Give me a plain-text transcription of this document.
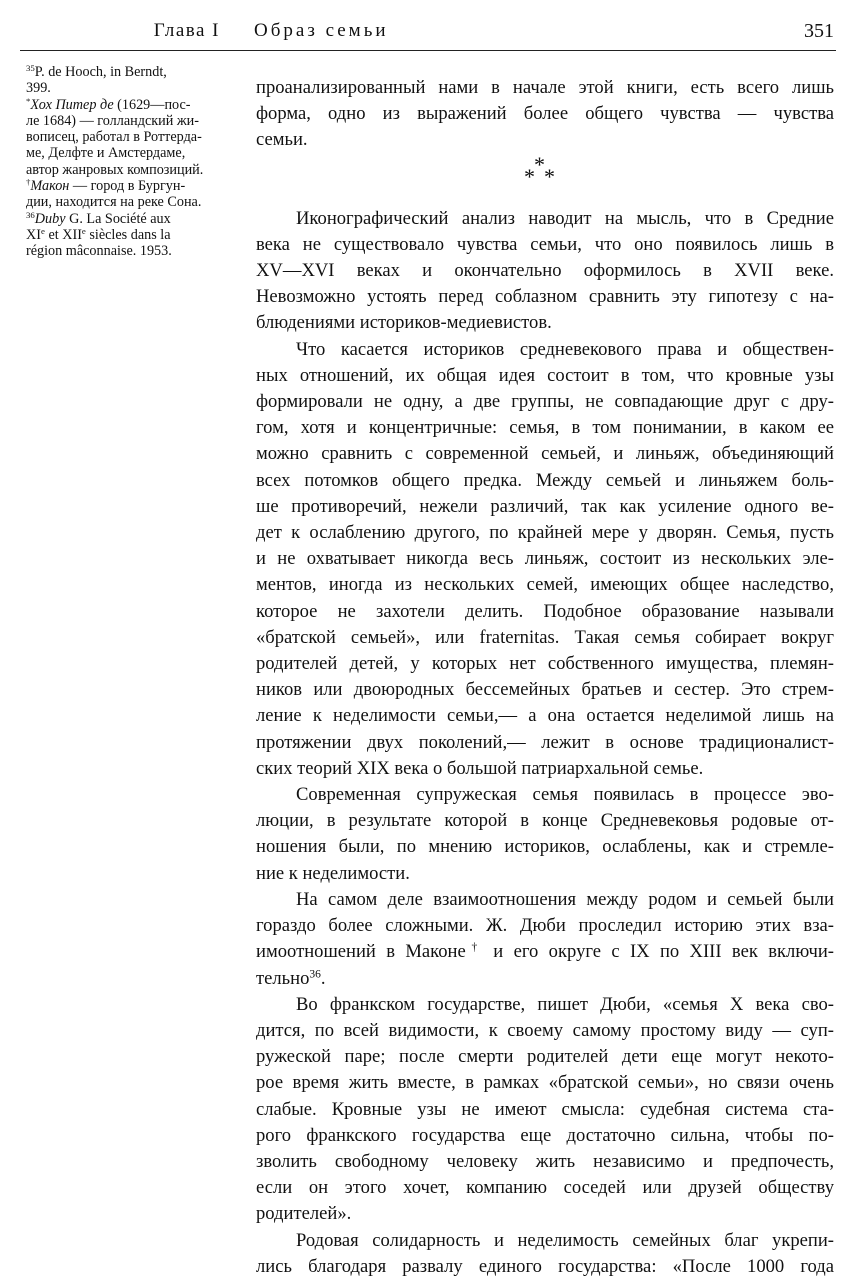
Глава I Образ семьи	351
$^{35}$P. de Hooch, in Berndt,
399.
*Хох Питер де (1629—пос-
ле 1684) — голландский жи-
вописец, работал в Роттерда-
ме, Делфте и Амстердаме,
автор жанровых композиций.
†Макон — город в Бургун-
дии, находится на реке Сона.
$^{36}$Duby G. La Société aux
XIe et XIIe siècles dans la
région mâconnaise. 1953.
проанализированный нами в начале этой книги, есть всего лишь
форма, одно из выражений более общего чувства — чувства
семьи.
*
* *
Иконографический анализ наводит на мысль, что в Средние
века не существовало чувства семьи, что оно появилось лишь в
XV—XVI веках и окончательно оформилось в XVII веке.
Невозможно устоять перед соблазном сравнить эту гипотезу с на-
блюдениями историков-медиевистов.
Что касается историков средневекового права и обществен-
ных отношений, их общая идея состоит в том, что кровные узы
формировали не одну, а две группы, не совпадающие друг с дру-
гом, хотя и концентричные: семья, в том понимании, в каком ее
можно сравнить с современной семьей, и линьяж, объединяющий
всех потомков общего предка. Между семьей и линьяжем боль-
ше противоречий, нежели различий, так как усиление одного ве-
дет к ослаблению другого, по крайней мере у дворян. Семья, пусть
и не охватывает никогда весь линьяж, состоит из нескольких эле-
ментов, иногда из нескольких семей, имеющих общее наследство,
которое не захотели делить. Подобное образование называли
«братской семьей», или fraternitas. Такая семья собирает вокруг
родителей детей, у которых нет собственного имущества, племян-
ников или двоюродных бессемейных братьев и сестер. Это стрем-
ление к неделимости семьи,— а она остается неделимой лишь на
протяжении двух поколений,— лежит в основе традиционалист-
ских теорий XIX века о большой патриархальной семье.
Современная супружеская семья появилась в процессе эво-
люции, в результате которой в конце Средневековья родовые от-
ношения были, по мнению историков, ослаблены, как и стремле-
ние к неделимости.
На самом деле взаимоотношения между родом и семьей были
гораздо более сложными. Ж. Дюби проследил историю этих вза-
имоотношений в Маконе† и его округе с IX по XIII век включи-
тельно$^{36}$.
Во франкском государстве, пишет Дюби, «семья X века сво-
дится, по всей видимости, к своему самому простому виду — суп-
ружеской паре; после смерти родителей дети еще могут некото-
рое время жить вместе, в рамках «братской семьи», но связи очень
слабые. Кровные узы не имеют смысла: судебная система ста-
рого франкского государства еще достаточно сильна, чтобы по-
зволить свободному человеку жить независимо и предпочесть,
если он этого хочет, компанию соседей или друзей обществу
родителей».
Родовая солидарность и неделимость семейных благ укрепи-
лись благодаря развалу единого государства: «После 1000 года
